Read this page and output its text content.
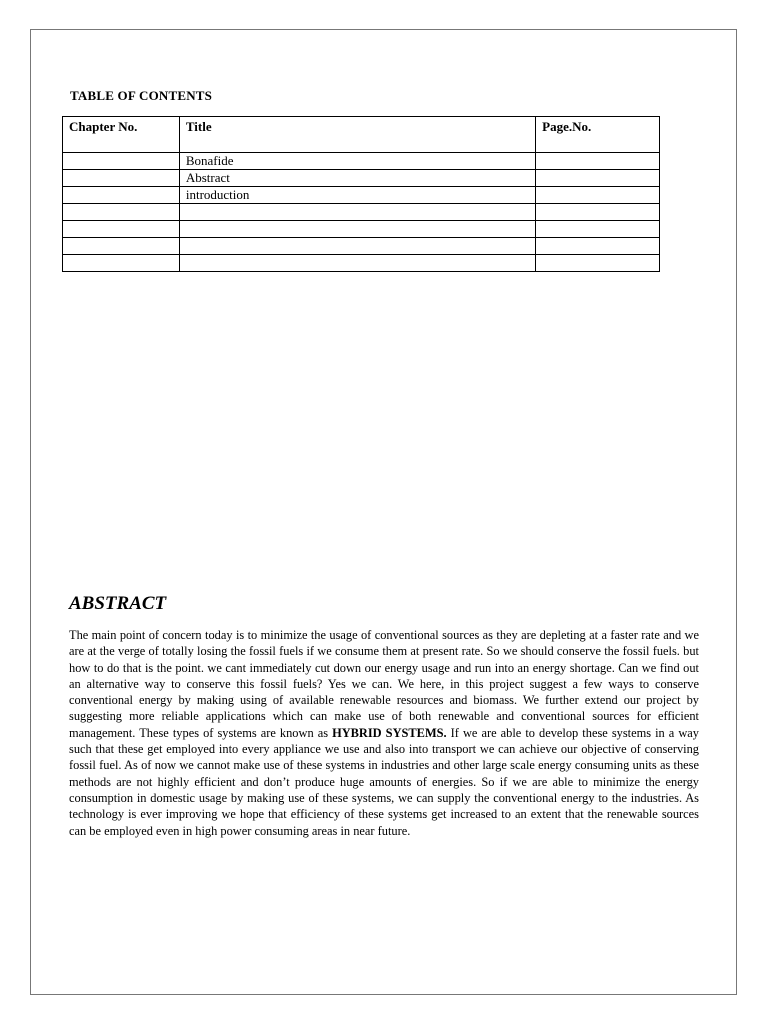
TABLE OF CONTENTS
Chapter No.	Title	Page.No.
	Bonafide	
	Abstract	
	introduction	

ABSTRACT
The main point of concern today is to minimize the usage of conventional sources as they are depleting at a faster rate and we are at the verge of totally losing the fossil fuels if we consume them at present rate. So we should conserve the fossil fuels. but how to do that is the point. we cant immediately cut down our energy usage and run into an energy shortage. Can we find out an alternative way to conserve this fossil fuels? Yes we can. We here, in this project suggest a few ways to conserve conventional energy by making using of available renewable resources and biomass. We further extend our project by suggesting more reliable applications which can make use of both renewable and conventional sources for efficient management. These types of systems are known as HYBRID SYSTEMS. If we are able to develop these systems in a way such that these get employed into every appliance we use and also into transport we can achieve our objective of conserving fossil fuel. As of now we cannot make use of these systems in industries and other large scale energy consuming units as these methods are not highly efficient and don’t produce huge amounts of energies. So if we are able to minimize the energy consumption in domestic usage by making use of these systems, we can supply the conventional energy to the industries. As technology is ever improving we hope that efficiency of these systems get increased to an extent that the renewable sources can be employed even in high power consuming areas in near future.
